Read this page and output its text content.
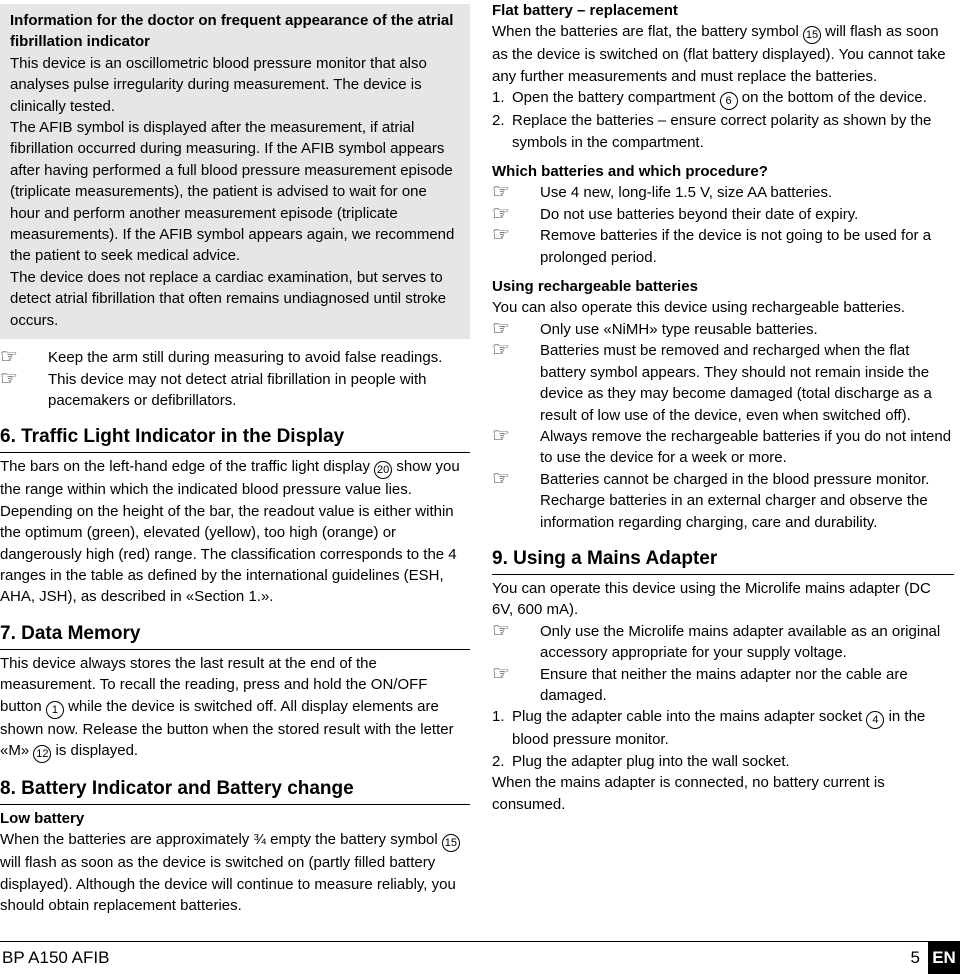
Information for the doctor on frequent appearance of the atrial fibrillation indicator

This device is an oscillometric blood pressure monitor that also analyses pulse irregularity during measurement. The device is clinically tested.

The AFIB symbol is displayed after the measurement, if atrial fibrillation occurred during measuring. If the AFIB symbol appears after having performed a full blood pressure measurement episode (triplicate measurements), the patient is advised to wait for one hour and perform another measurement episode (triplicate measurements). If the AFIB symbol appears again, we recommend the patient to seek medical advice.

The device does not replace a cardiac examination, but serves to detect atrial fibrillation that often remains undiagnosed until stroke occurs.

☞	Keep the arm still during measuring to avoid false readings.
☞	This device may not detect atrial fibrillation in people with pacemakers or defibrillators.
6. Traffic Light Indicator in the Display

The bars on the left-hand edge of the traffic light display 20 show you the range within which the indicated blood pressure value lies. Depending on the height of the bar, the readout value is either within the optimum (green), elevated (yellow), too high (orange) or dangerously high (red) range. The classification corresponds to the 4 ranges in the table as defined by the international guidelines (ESH, AHA, JSH), as described in «Section 1.».

7. Data Memory

This device always stores the last result at the end of the measurement. To recall the reading, press and hold the ON/OFF button 1 while the device is switched off. All display elements are shown now. Release the button when the stored result with the letter «M» 12 is displayed.

8. Battery Indicator and Battery change

Low battery

When the batteries are approximately ¾ empty the battery symbol 15 will flash as soon as the device is switched on (partly filled battery displayed). Although the device will continue to measure reliably, you should obtain replacement batteries.

Flat battery – replacement

When the batteries are flat, the battery symbol 15 will flash as soon as the device is switched on (flat battery displayed). You cannot take any further measurements and must replace the batteries.

1. Open the battery compartment 6 on the bottom of the device.
2. Replace the batteries – ensure correct polarity as shown by the symbols in the compartment.

Which batteries and which procedure?

☞	Use 4 new, long-life 1.5 V, size AA batteries.
☞	Do not use batteries beyond their date of expiry.
☞	Remove batteries if the device is not going to be used for a prolonged period.

Using rechargeable batteries

You can also operate this device using rechargeable batteries.

☞	Only use «NiMH» type reusable batteries.
☞	Batteries must be removed and recharged when the flat battery symbol appears. They should not remain inside the device as they may become damaged (total discharge as a result of low use of the device, even when switched off).
☞	Always remove the rechargeable batteries if you do not intend to use the device for a week or more.
☞	Batteries cannot be charged in the blood pressure monitor. Recharge batteries in an external charger and observe the information regarding charging, care and durability.
9. Using a Mains Adapter

You can operate this device using the Microlife mains adapter (DC 6V, 600 mA).

☞	Only use the Microlife mains adapter available as an original accessory appropriate for your supply voltage.
☞	Ensure that neither the mains adapter nor the cable are damaged.
1. Plug the adapter cable into the mains adapter socket 4 in the blood pressure monitor.
2. Plug the adapter plug into the wall socket.

When the mains adapter is connected, no battery current is consumed.

BP A150 AFIB	5 EN
